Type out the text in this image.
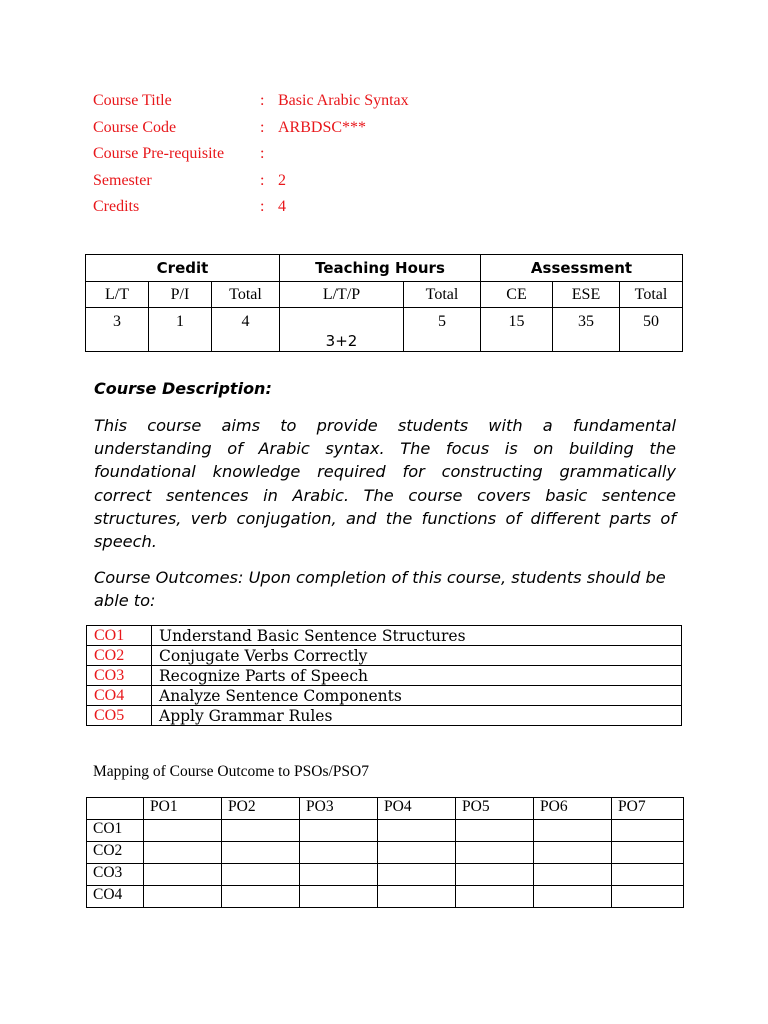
Course Title	: Basic Arabic Syntax
Course Code	: ARBDSC***
Course Pre-requisite	:
Semester	: 2
Credits	: 4
Credit			Teaching Hours		Assessment		
L/T	P/I	Total	L/T/P	Total	CE	ESE	Total
3	1	4	3+2	5	15	35	50
Course Description:
This course aims to provide students with a fundamental understanding of Arabic syntax. The focus is on building the foundational knowledge required for constructing grammatically correct sentences in Arabic. The course covers basic sentence structures, verb conjugation, and the functions of different parts of speech.
Course Outcomes: Upon completion of this course, students should be able to:
CO1	Understand Basic Sentence Structures
CO2	Conjugate Verbs Correctly
CO3	Recognize Parts of Speech
CO4	Analyze Sentence Components
CO5	Apply Grammar Rules
Mapping of Course Outcome to PSOs/PSO7
	PO1	PO2	PO3	PO4	PO5	PO6	PO7
CO1							
CO2							
CO3							
CO4							
